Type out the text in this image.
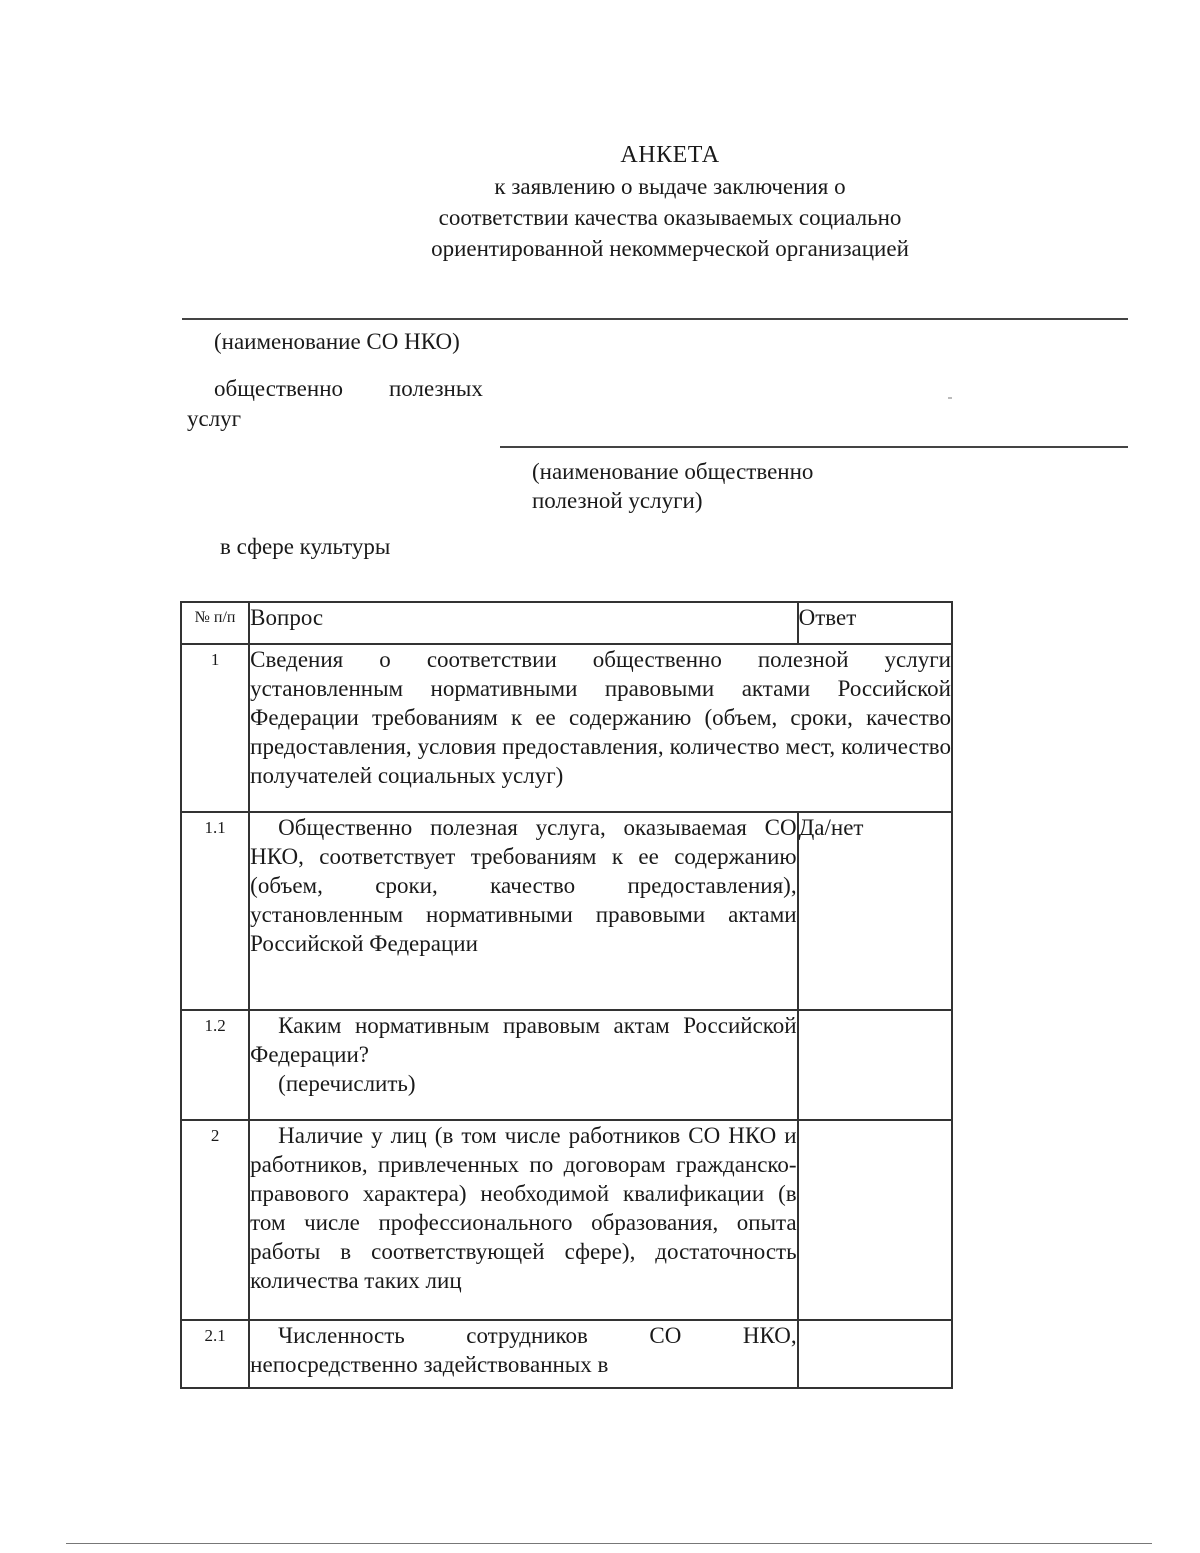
АНКЕТА
к заявлению о выдаче заключения о
соответствии качества оказываемых социально
ориентированной некоммерческой организацией
(наименование СО НКО)
общественно полезных
услуг
(наименование общественно
полезной услуги)
в сфере культуры
№ п/п	Вопрос	Ответ
1	Сведения о соответствии общественно полезной услуги установленным нормативными правовыми актами Российской Федерации требованиям к ее содержанию (объем, сроки, качество предоставления, условия предоставления, количество мест, количество получателей социальных услуг)	
1.1	Общественно полезная услуга, оказываемая СО НКО, соответствует требованиям к ее содержанию (объем, сроки, качество предоставления), установленным нормативными правовыми актами Российской Федерации	Да/нет
1.2	Каким нормативным правовым актам Российской Федерации?
(перечислить)	
2	Наличие у лиц (в том числе работников СО НКО и работников, привлеченных по договорам гражданско-правового характера) необходимой квалификации (в том числе профессионального образования, опыта работы в соответствующей сфере), достаточность количества таких лиц	
2.1	Численность сотрудников СО НКО, непосредственно задействованных в	
